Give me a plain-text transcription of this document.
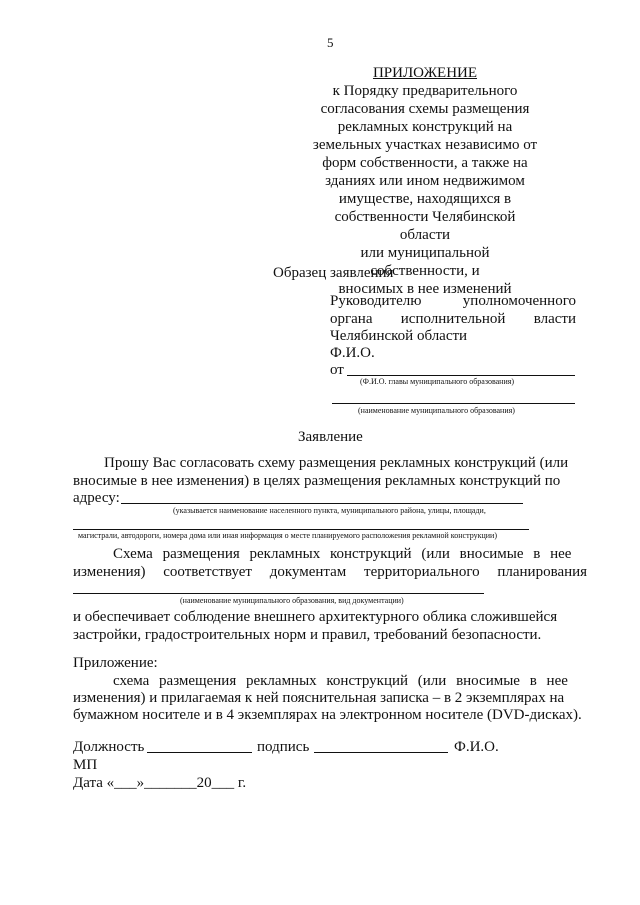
5
ПРИЛОЖЕНИЕ
к Порядку предварительного
согласования схемы размещения
рекламных конструкций на
земельных участках независимо от
форм собственности, а также на
зданиях или ином недвижимом
имуществе, находящихся в
собственности Челябинской области
или муниципальной собственности, и
вносимых в нее изменений
Образец заявления
Руководителю	уполномоченного
органа исполнительной власти
Челябинской области
Ф.И.О.
от
(Ф.И.О. главы муниципального образования)
(наименование муниципального образования)
Заявление
Прошу Вас согласовать схему размещения рекламных конструкций (или
вносимые в нее изменения) в целях размещения рекламных конструкций по
адресу:
(указывается наименование населенного пункта, муниципального района, улицы, площади,
магистрали, автодороги, номера дома или иная информация о месте планируемого расположения рекламной конструкции)
Схема размещения рекламных конструкций (или вносимые в нее
изменения) соответствует документам территориального планирования
(наименование муниципального образования, вид документации)
и обеспечивает соблюдение внешнего архитектурного облика сложившейся
застройки, градостроительных норм и правил, требований безопасности.
Приложение:
схема размещения рекламных конструкций (или вносимые в нее
изменения) и прилагаемая к ней пояснительная записка – в 2 экземплярах на
бумажном носителе и в 4 экземплярах на электронном носителе (DVD-дисках).
Должность	подпись	Ф.И.О.
МП
Дата «___»_______20___ г.
